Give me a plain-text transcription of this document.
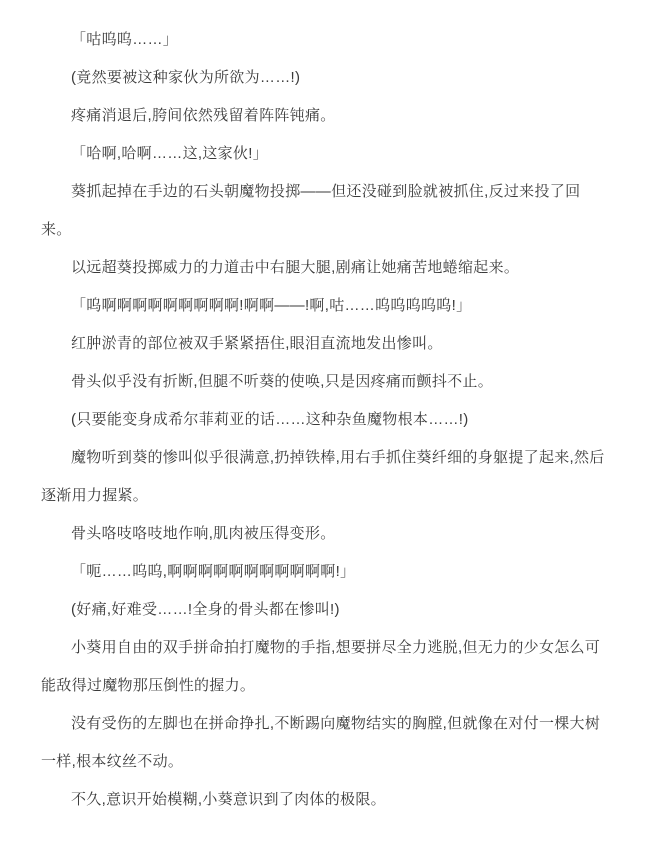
「咕呜呜……」

(竟然要被这种家伙为所欲为……!)

疼痛消退后,胯间依然残留着阵阵钝痛。

「哈啊,哈啊……这,这家伙!」

葵抓起掉在手边的石头朝魔物投掷——但还没碰到脸就被抓住,反过来投了回来。

以远超葵投掷威力的力道击中右腿大腿,剧痛让她痛苦地蜷缩起来。

「呜啊啊啊啊啊啊啊啊啊!啊啊——!啊,咕……呜呜呜呜呜!」

红肿淤青的部位被双手紧紧捂住,眼泪直流地发出惨叫。

骨头似乎没有折断,但腿不听葵的使唤,只是因疼痛而颤抖不止。

(只要能变身成希尔菲莉亚的话……这种杂鱼魔物根本……!)

魔物听到葵的惨叫似乎很满意,扔掉铁棒,用右手抓住葵纤细的身躯提了起来,然后逐渐用力握紧。

骨头咯吱咯吱地作响,肌肉被压得变形。

「呃……呜呜,啊啊啊啊啊啊啊啊啊啊啊!」

(好痛,好难受……!全身的骨头都在惨叫!)

小葵用自由的双手拼命拍打魔物的手指,想要拼尽全力逃脱,但无力的少女怎么可能敌得过魔物那压倒性的握力。

没有受伤的左脚也在拼命挣扎,不断踢向魔物结实的胸膛,但就像在对付一棵大树一样,根本纹丝不动。

不久,意识开始模糊,小葵意识到了肉体的极限。
